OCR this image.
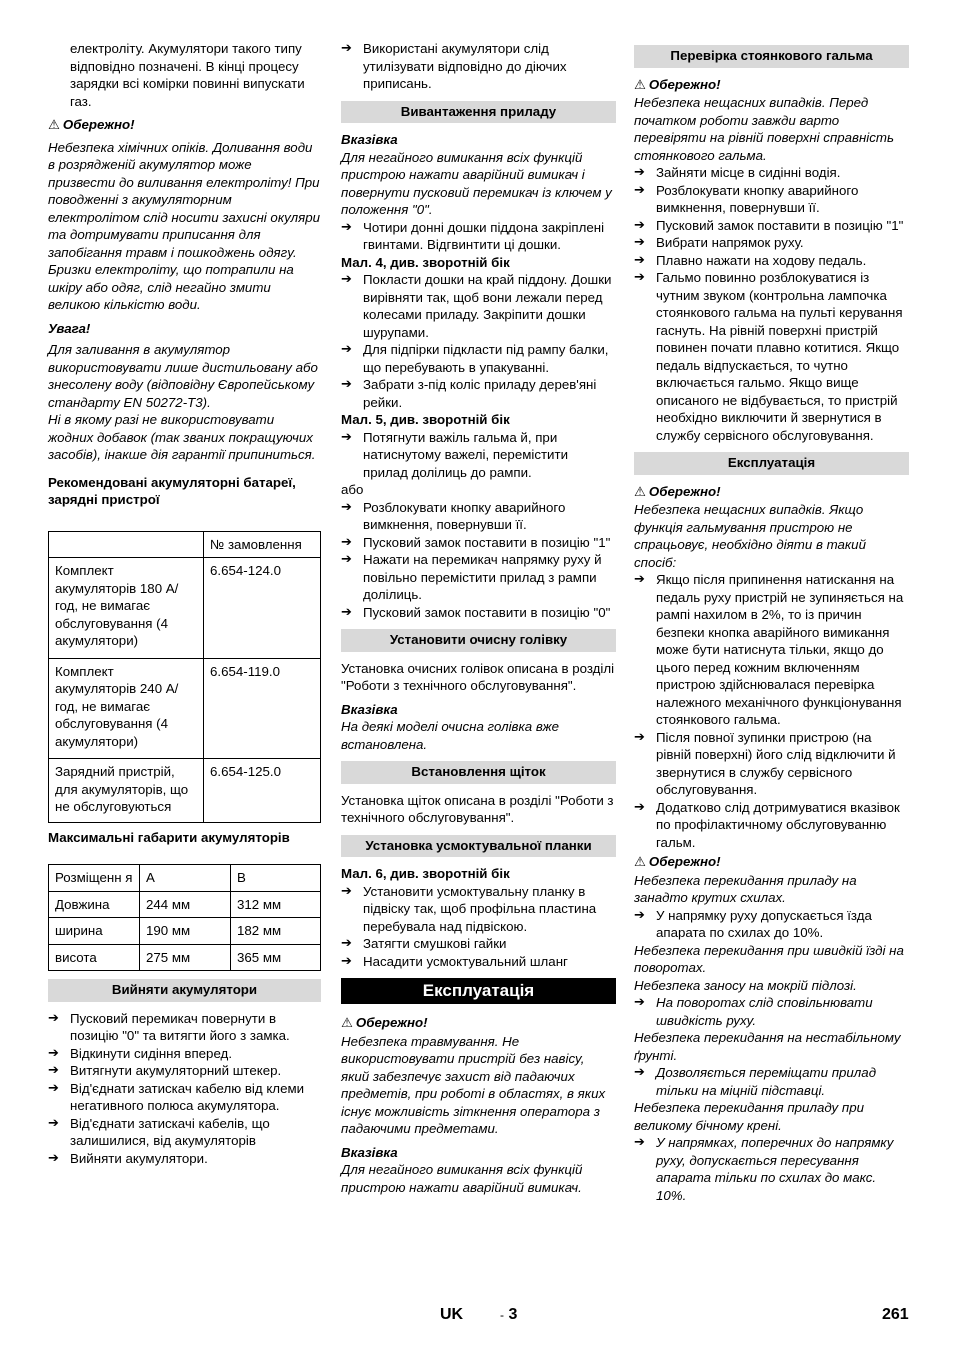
електроліту. Акумулятори такого типу відповідно позначені. В кінці процесу зарядки всі комірки повинні випускати газ.

⚠ Обережно!

Небезпека хімічних опіків. Доливання води в розрядженій акумулятор може призвести до виливання електроліту! При поводженні з акумуляторним електролітом слід носити захисні окуляри та дотримувати приписання для запобігання травм і пошкоджень одягу.

Бризки електроліту, що потрапили на шкіру або одяг, слід негайно змити великою кількістю води.

Увага!

Для заливання в акумулятор використовувати лише дистильовану або знесолену воду (відповідну Європейському стандарту EN 50272-T3).

Ні в якому разі не використовувати жодних добавок (так званих покращуючих засобів), інакше дія гарантії припиниться.

Рекомендовані акумуляторні батареї, зарядні пристрої

	№ замовлення
Комплект акумуляторів 180 А/год, не вимагає обслуговування (4 акумулятори)	6.654-124.0
Комплект акумуляторів 240 А/год, не вимагає обслуговування (4 акумулятори)	6.654-119.0
Зарядний пристрій, для акумуляторів, що не обслуговуються	6.654-125.0

Максимальні габарити акумуляторів

Розміщенн я	A	B
Довжина	244 мм	312 мм
ширина	190 мм	182 мм
висота	275 мм	365 мм
Вийняти акумулятори

➔ Пусковий перемикач повернути в позицію "0" та витягти його з замка.

➔ Відкинути сидіння вперед.

➔ Витягнути акумуляторний штекер.

➔ Від'єднати затискач кабелю від клеми негативного полюса акумулятора.

➔ Від'єднати затискачі кабелів, що залишилися, від акумуляторів

➔ Вийняти акумулятори.

➔ Використані акумулятори слід утилізувати відповідно до діючих приписань.

Вивантаження приладу

Вказівка

Для негайного вимикання всіх функцій пристрою нажати аварійний вимикач і повернути пусковий перемикач із ключем у положення "0".

➔ Чотири донні дошки піддона закріплені гвинтами. Відгвинтити ці дошки.

Мал. 4, див. зворотній бік

➔ Покласти дошки на край піддону. Дошки вирівняти так, щоб вони лежали перед колесами приладу. Закріпити дошки шурупами.

➔ Для підпірки підкласти під рампу балки, що перебувають в упакуванні.

➔ Забрати з-під коліс приладу дерев'яні рейки.

Мал. 5, див. зворотній бік

➔ Потягнути важіль гальма й, при натиснутому важелі, перемістити прилад долілиць до рампи.

або

➔ Розблокувати кнопку аварийного вимкнення, повернувши її.

➔ Пусковий замок поставити в позицію "1"

➔ Нажати на перемикач напрямку руху й повільно перемістити прилад з рампи долілиць.

➔ Пусковий замок поставити в позицію "0"

Установити очисну голівку

Установка очисних голівок описана в розділі "Роботи з технічного обслуговування".

Вказівка

На деякі моделі очисна голівка вже встановлена.

Встановлення щіток

Установка щіток описана в розділі "Роботи з технічного обслуговування".

Установка усмоктувальної планки

Мал. 6, див. зворотній бік

➔ Установити усмоктувальну планку в підвіску так, щоб профільна пластина перебувала над підвіскою.

➔ Затягти смушкові гайки

➔ Насадити усмоктувальний шланг

Експлуатація

⚠ Обережно!

Небезпека травмування. Не використовувати пристрій без навісу, який забезпечує захист від падаючих предметів, при роботі в областях, в яких існує можливість зіткнення оператора з падаючими предметами.

Вказівка

Для негайного вимикання всіх функцій пристрою нажати аварійний вимикач.

Перевірка стоянкового гальма

⚠ Обережно!

Небезпека нещасних випадків. Перед початком роботи завжди варто перевіряти на рівній поверхні справність стоянкового гальма.

➔ Зайняти місце в сидінні водія.

➔ Розблокувати кнопку аварийного вимкнення, повернувши її.

➔ Пусковий замок поставити в позицію "1"

➔ Вибрати напрямок руху.

➔ Плавно нажати на ходову педаль.

➔ Гальмо повинно розблокуватися із чутним звуком (контрольна лампочка стоянкового гальма на пульті керування гаснуть. На рівній поверхні пристрій повинен почати плавно котитися. Якщо педаль відпускається, то чутно включається гальмо. Якщо вище описаного не відбувається, то пристрій необхідно виключити й звернутися в службу сервісного обслуговування.

Експлуатація

⚠ Обережно!

Небезпека нещасних випадків. Якщо функція гальмування пристрою не спрацьовує, необхідно діяти в такий спосіб:

➔ Якщо після припинення натискання на педаль руху пристрій не зупиняється на рампі нахилом в 2%, то із причин безпеки кнопка аварійного вимикання може бути натиснута тільки, якщо до цього перед кожним включенням пристрою здійснювалася перевірка належного механічного функціонування стоянкового гальма.

➔ Після повної зупинки пристрою (на рівній поверхні) його слід відключити й звернутися в службу сервісного обслуговування.

➔ Додатково слід дотримуватися вказівок по профілактичному обслуговуванню гальм.

⚠ Обережно!

Небезпека перекидання приладу на занадто крутих схилах.

➔ У напрямку руху допускається їзда апарата по схилах до 10%.

Небезпека перекидання при швидкій їзді на поворотах.

Небезпека заносу на мокрій підлозі.

➔ На поворотах слід сповільнювати швидкість руху.

Небезпека перекидання на нестабільному ґрунті.

➔ Дозволяється переміщати прилад тільки на міцній підставці.

Небезпека перекидання приладу при великому бічному крені.

➔ У напрямках, поперечних до напрямку руху, допускається пересування апарата тільки по схилах до макс. 10%.

UK	- 3	261
